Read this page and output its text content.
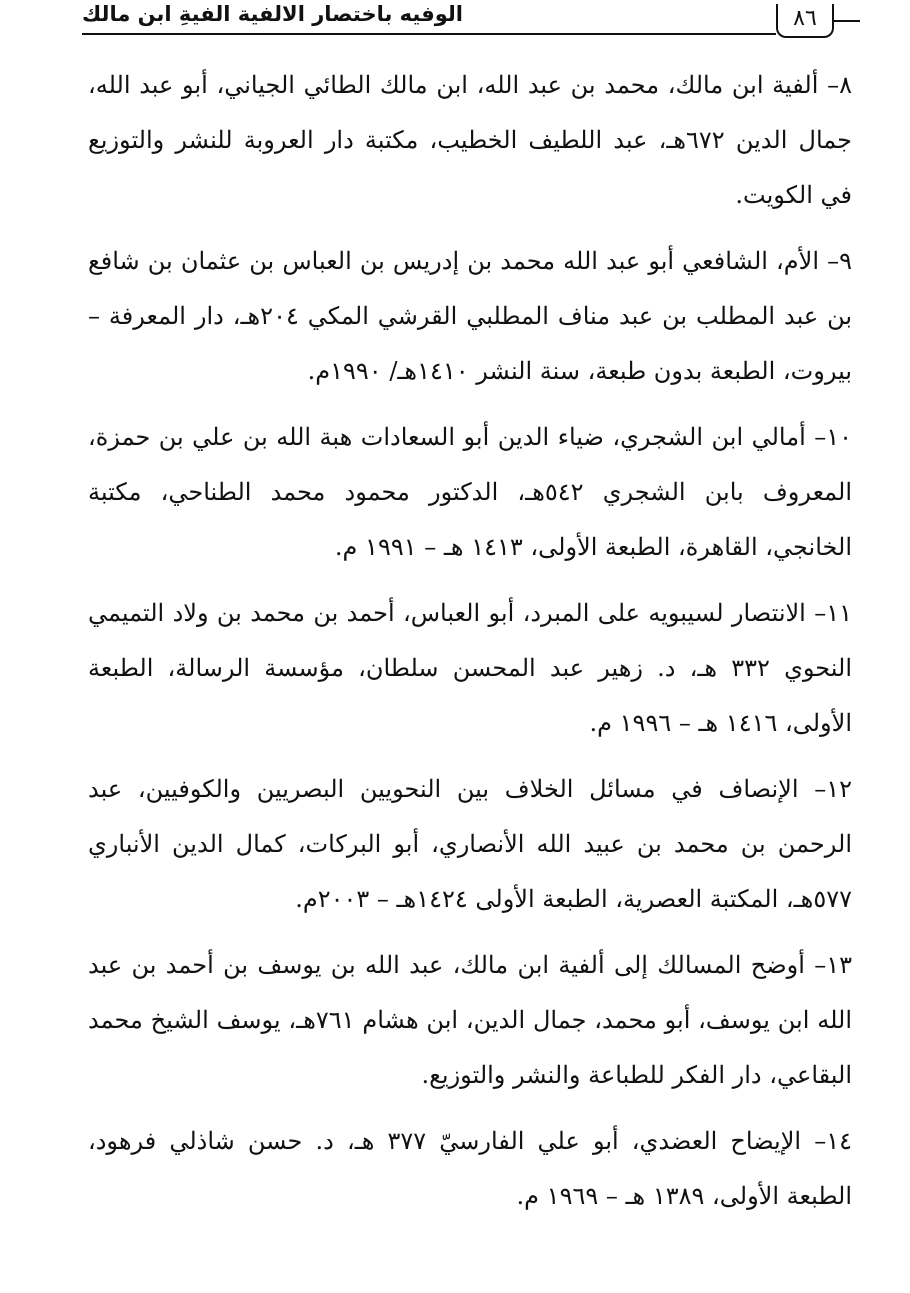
الوفيه باختصار الالفية الفيةِ ابن مالك	٨٦

٨– ألفية ابن مالك، محمد بن عبد الله، ابن مالك الطائي الجياني، أبو عبد الله، جمال الدين ٦٧٢هـ، عبد اللطيف الخطيب، مكتبة دار العروبة للنشر والتوزيع في الكويت.

٩– الأم، الشافعي أبو عبد الله محمد بن إدريس بن العباس بن عثمان بن شافع بن عبد المطلب بن عبد مناف المطلبي القرشي المكي ٢٠٤هـ، دار المعرفة – بيروت، الطبعة بدون طبعة، سنة النشر ١٤١٠هـ/ ١٩٩٠م.

١٠– أمالي ابن الشجري، ضياء الدين أبو السعادات هبة الله بن علي بن حمزة، المعروف بابن الشجري ٥٤٢هـ، الدكتور محمود محمد الطناحي، مكتبة الخانجي، القاهرة، الطبعة الأولى، ١٤١٣ هـ – ١٩٩١ م.

١١– الانتصار لسيبويه على المبرد، أبو العباس، أحمد بن محمد بن ولاد التميمي النحوي ٣٣٢ هـ، د. زهير عبد المحسن سلطان، مؤسسة الرسالة، الطبعة الأولى، ١٤١٦ هـ – ١٩٩٦ م.

١٢– الإنصاف في مسائل الخلاف بين النحويين البصريين والكوفيين، عبد الرحمن بن محمد بن عبيد الله الأنصاري، أبو البركات، كمال الدين الأنباري ٥٧٧هـ، المكتبة العصرية، الطبعة الأولى ١٤٢٤هـ – ٢٠٠٣م.

١٣– أوضح المسالك إلى ألفية ابن مالك، عبد الله بن يوسف بن أحمد بن عبد الله ابن يوسف، أبو محمد، جمال الدين، ابن هشام ٧٦١هـ، يوسف الشيخ محمد البقاعي، دار الفكر للطباعة والنشر والتوزيع.

١٤– الإيضاح العضدي، أبو علي الفارسيّ ٣٧٧ هـ، د. حسن شاذلي فرهود، الطبعة الأولى، ١٣٨٩ هـ – ١٩٦٩ م.
